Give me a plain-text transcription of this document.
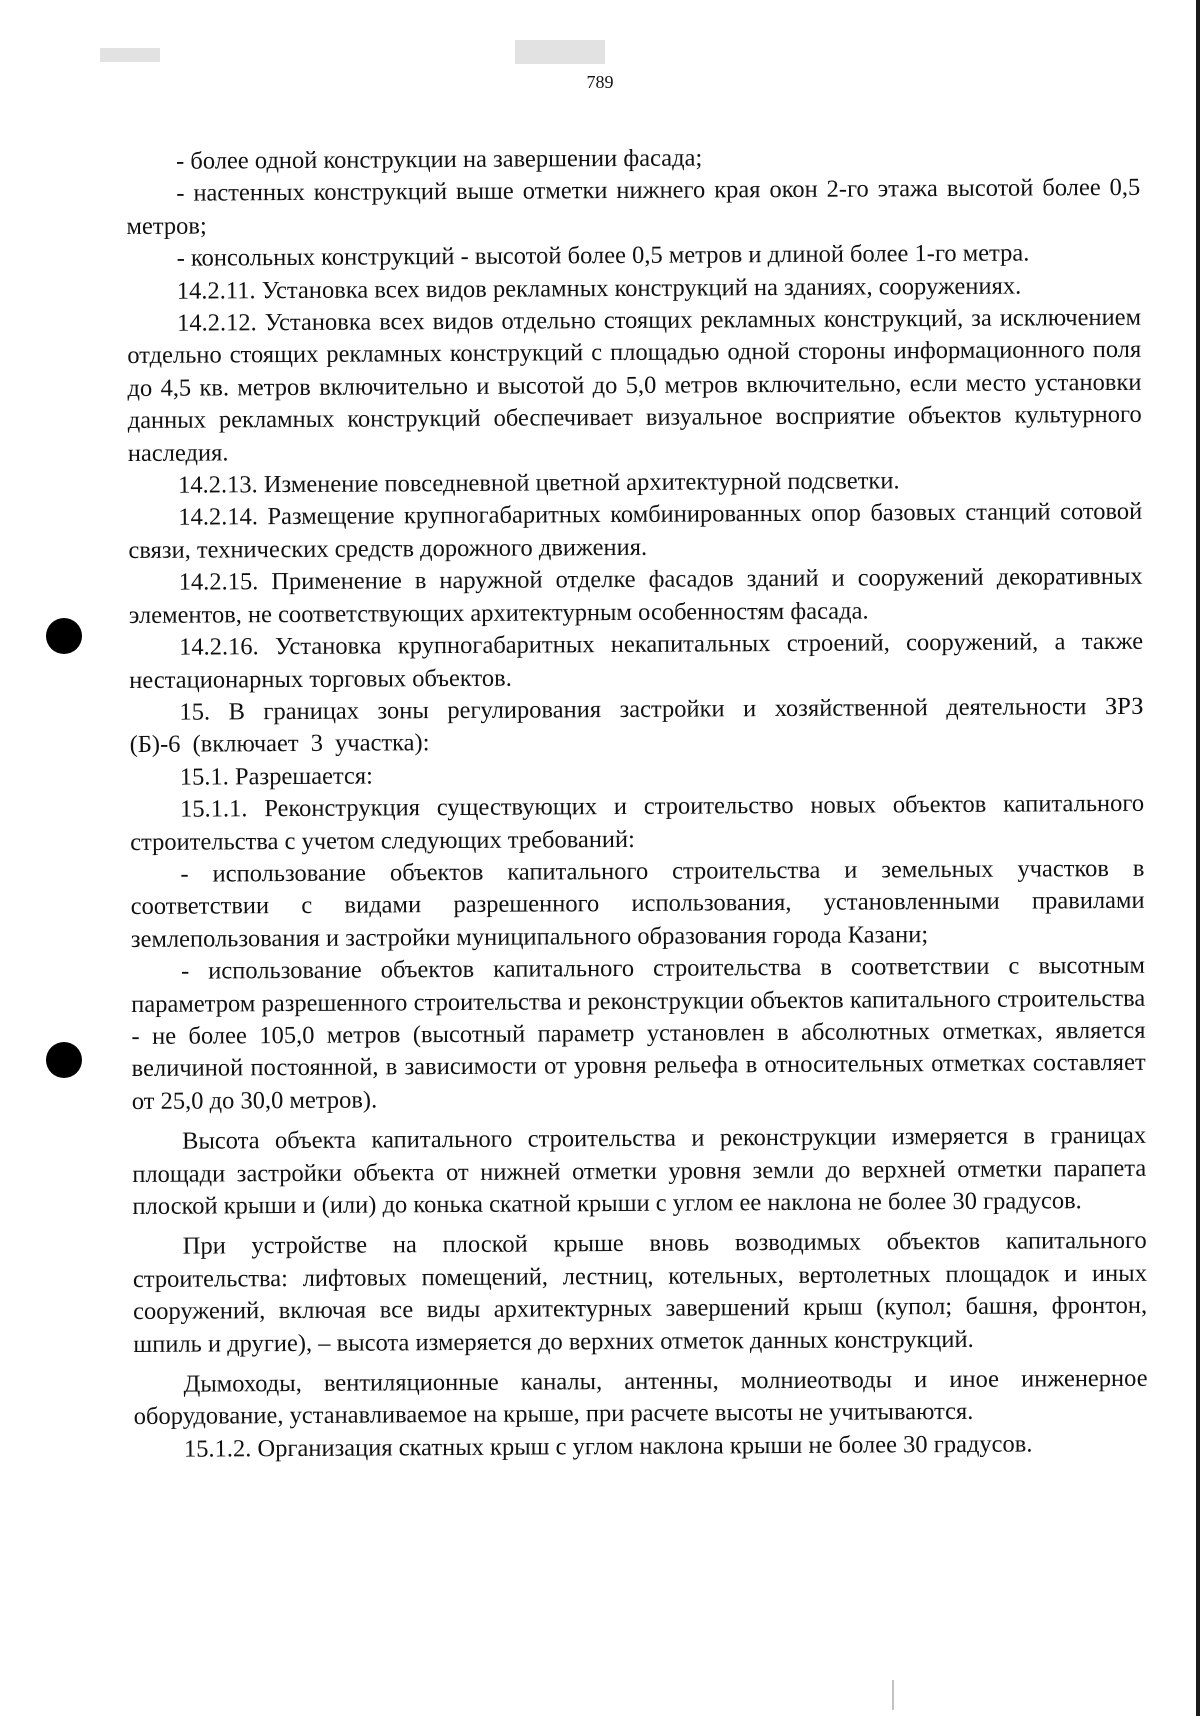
789

- более одной конструкции на завершении фасада;

- настенных конструкций выше отметки нижнего края окон 2-го этажа высотой более 0,5 метров;

- консольных конструкций - высотой более 0,5 метров и длиной более 1-го метра.

14.2.11. Установка всех видов рекламных конструкций на зданиях, сооружениях.

14.2.12. Установка всех видов отдельно стоящих рекламных конструкций, за исключением отдельно стоящих рекламных конструкций с площадью одной стороны информационного поля до 4,5 кв. метров включительно и высотой до 5,0 метров включительно, если место установки данных рекламных конструкций обеспечивает визуальное восприятие объектов культурного наследия.

14.2.13. Изменение повседневной цветной архитектурной подсветки.

14.2.14. Размещение крупногабаритных комбинированных опор базовых станций сотовой связи, технических средств дорожного движения.

14.2.15. Применение в наружной отделке фасадов зданий и сооружений декоративных элементов, не соответствующих архитектурным особенностям фасада.

14.2.16. Установка крупногабаритных некапитальных строений, сооружений, а также нестационарных торговых объектов.

15. В границах зоны регулирования застройки и хозяйственной деятельности ЗРЗ (Б)-6 (включает 3 участка):

15.1. Разрешается:

15.1.1. Реконструкция существующих и строительство новых объектов капитального строительства с учетом следующих требований:

- использование объектов капитального строительства и земельных участков в соответствии с видами разрешенного использования, установленными правилами землепользования и застройки муниципального образования города Казани;

- использование объектов капитального строительства в соответствии с высотным параметром разрешенного строительства и реконструкции объектов капитального строительства - не более 105,0 метров (высотный параметр установлен в абсолютных отметках, является величиной постоянной, в зависимости от уровня рельефа в относительных отметках составляет от 25,0 до 30,0 метров).

Высота объекта капитального строительства и реконструкции измеряется в границах площади застройки объекта от нижней отметки уровня земли до верхней отметки парапета плоской крыши и (или) до конька скатной крыши с углом ее наклона не более 30 градусов.

При устройстве на плоской крыше вновь возводимых объектов капитального строительства: лифтовых помещений, лестниц, котельных, вертолетных площадок и иных сооружений, включая все виды архитектурных завершений крыш (купол; башня, фронтон, шпиль и другие), – высота измеряется до верхних отметок данных конструкций.

Дымоходы, вентиляционные каналы, антенны, молниеотводы и иное инженерное оборудование, устанавливаемое на крыше, при расчете высоты не учитываются.

15.1.2. Организация скатных крыш с углом наклона крыши не более 30 градусов.
